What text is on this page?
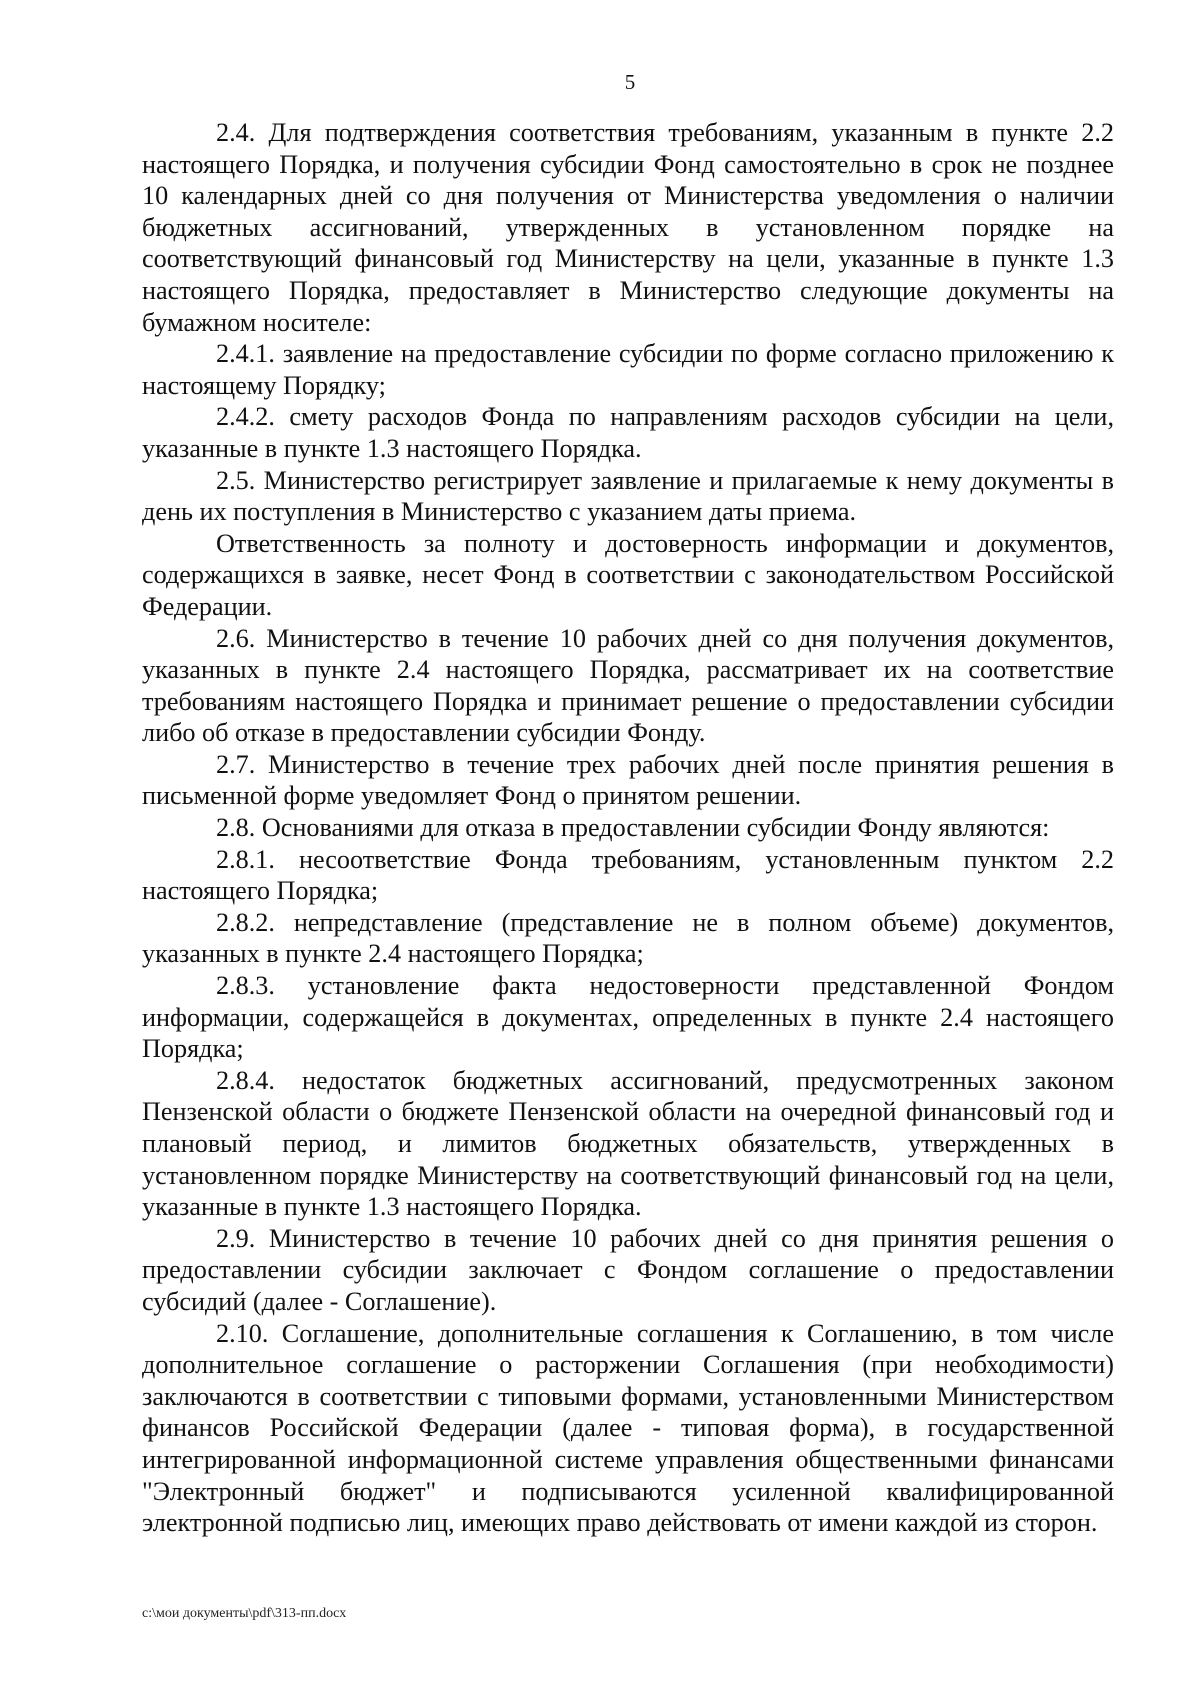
5

2.4. Для подтверждения соответствия требованиям, указанным в пункте 2.2 настоящего Порядка, и получения субсидии Фонд самостоятельно в срок не позднее 10 календарных дней со дня получения от Министерства уведомления о наличии бюджетных ассигнований, утвержденных в установленном порядке на соответствующий финансовый год Министерству на цели, указанные в пункте 1.3 настоящего Порядка, предоставляет в Министерство следующие документы на бумажном носителе:

2.4.1. заявление на предоставление субсидии по форме согласно приложению к настоящему Порядку;

2.4.2. смету расходов Фонда по направлениям расходов субсидии на цели, указанные в пункте 1.3 настоящего Порядка.

2.5. Министерство регистрирует заявление и прилагаемые к нему документы в день их поступления в Министерство с указанием даты приема.

Ответственность за полноту и достоверность информации и документов, содержащихся в заявке, несет Фонд в соответствии с законодательством Российской Федерации.

2.6. Министерство в течение 10 рабочих дней со дня получения документов, указанных в пункте 2.4 настоящего Порядка, рассматривает их на соответствие требованиям настоящего Порядка и принимает решение о предоставлении субсидии либо об отказе в предоставлении субсидии Фонду.

2.7. Министерство в течение трех рабочих дней после принятия решения в письменной форме уведомляет Фонд о принятом решении.

2.8. Основаниями для отказа в предоставлении субсидии Фонду являются:

2.8.1. несоответствие Фонда требованиям, установленным пунктом 2.2 настоящего Порядка;

2.8.2. непредставление (представление не в полном объеме) документов, указанных в пункте 2.4 настоящего Порядка;

2.8.3. установление факта недостоверности представленной Фондом информации, содержащейся в документах, определенных в пункте 2.4 настоящего Порядка;

2.8.4. недостаток бюджетных ассигнований, предусмотренных законом Пензенской области о бюджете Пензенской области на очередной финансовый год и плановый период, и лимитов бюджетных обязательств, утвержденных в установленном порядке Министерству на соответствующий финансовый год на цели, указанные в пункте 1.3 настоящего Порядка.

2.9. Министерство в течение 10 рабочих дней со дня принятия решения о предоставлении субсидии заключает с Фондом соглашение о предоставлении субсидий (далее - Соглашение).

2.10. Соглашение, дополнительные соглашения к Соглашению, в том числе дополнительное соглашение о расторжении Соглашения (при необходимости) заключаются в соответствии с типовыми формами, установленными Министерством финансов Российской Федерации (далее - типовая форма), в государственной интегрированной информационной системе управления общественными финансами "Электронный бюджет" и подписываются усиленной квалифицированной электронной подписью лиц, имеющих право действовать от имени каждой из сторон.

c:\мои документы\pdf\313-пп.docx
